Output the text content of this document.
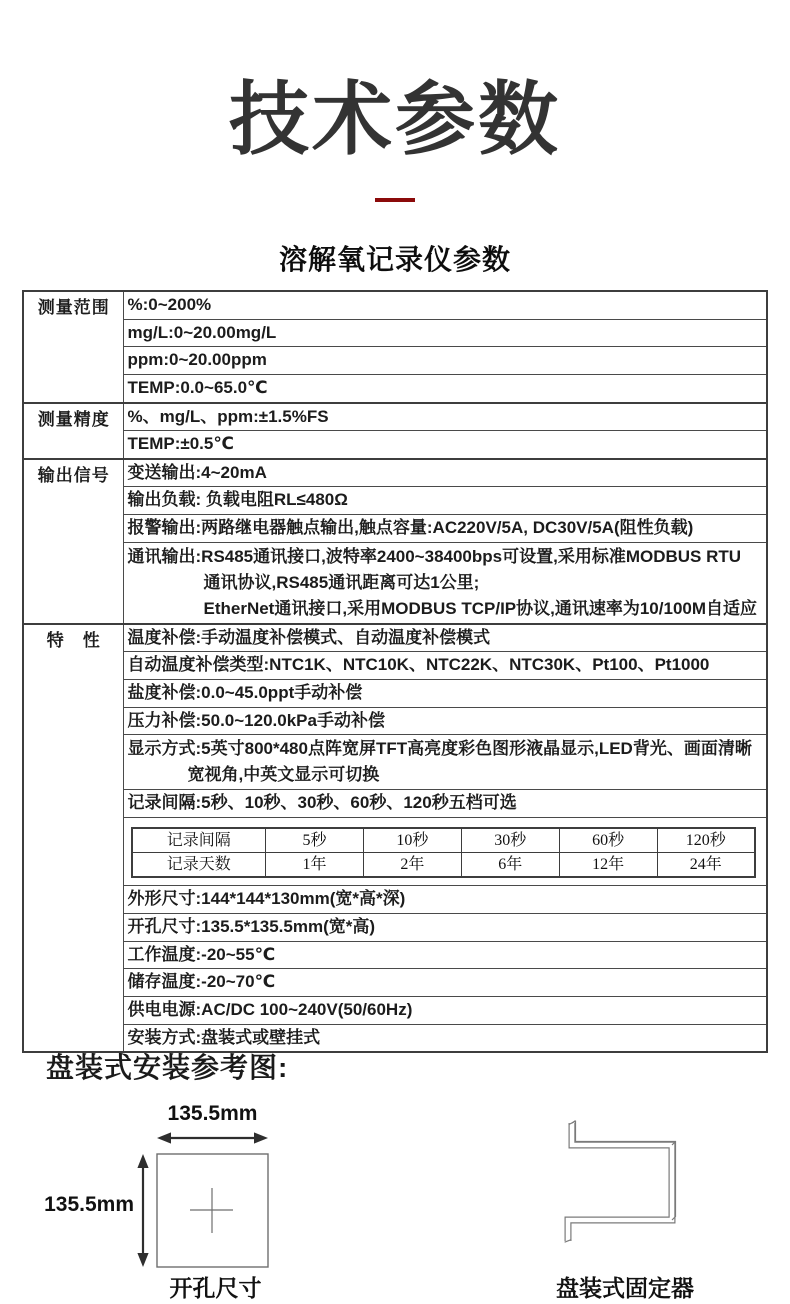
技术参数
溶解氧记录仪参数
测量范围	%:0~200%
mg/L:0~20.00mg/L
ppm:0~20.00ppm
TEMP:0.0~65.0℃
测量精度	%、mg/L、ppm:±1.5%FS
TEMP:±0.5℃
输出信号	变送输出:4~20mA
输出负载: 负载电阻RL≤480Ω
报警输出:两路继电器触点输出,触点容量:AC220V/5A, DC30V/5A(阻性负载)

通讯输出:RS485通讯接口,波特率2400~38400bps可设置,采用标准MODBUS RTU
通讯协议,RS485通讯距离可达1公里;
EtherNet通讯接口,采用MODBUS TCP/IP协议,通讯速率为10/100M自适应

特　性	温度补偿:手动温度补偿模式、自动温度补偿模式
自动温度补偿类型:NTC1K、NTC10K、NTC22K、NTC30K、Pt100、Pt1000
盐度补偿:0.0~45.0ppt手动补偿
压力补偿:50.0~120.0kPa手动补偿

显示方式:5英寸800*480点阵宽屏TFT高亮度彩色图形液晶显示,LED背光、画面清晰
宽视角,中英文显示可切换

记录间隔:5秒、10秒、30秒、60秒、120秒五档可选

记录间隔	5秒	10秒	30秒	60秒	120秒
记录天数	1年	2年	6年	12年	24年

外形尺寸:144*144*130mm(宽*高*深)
开孔尺寸:135.5*135.5mm(宽*高)
工作温度:-20~55℃
储存温度:-20~70℃
供电电源:AC/DC 100~240V(50/60Hz)
安装方式:盘装式或壁挂式
盘装式安装参考图:
135.5mm
135.5mm
开孔尺寸	盘装式固定器
